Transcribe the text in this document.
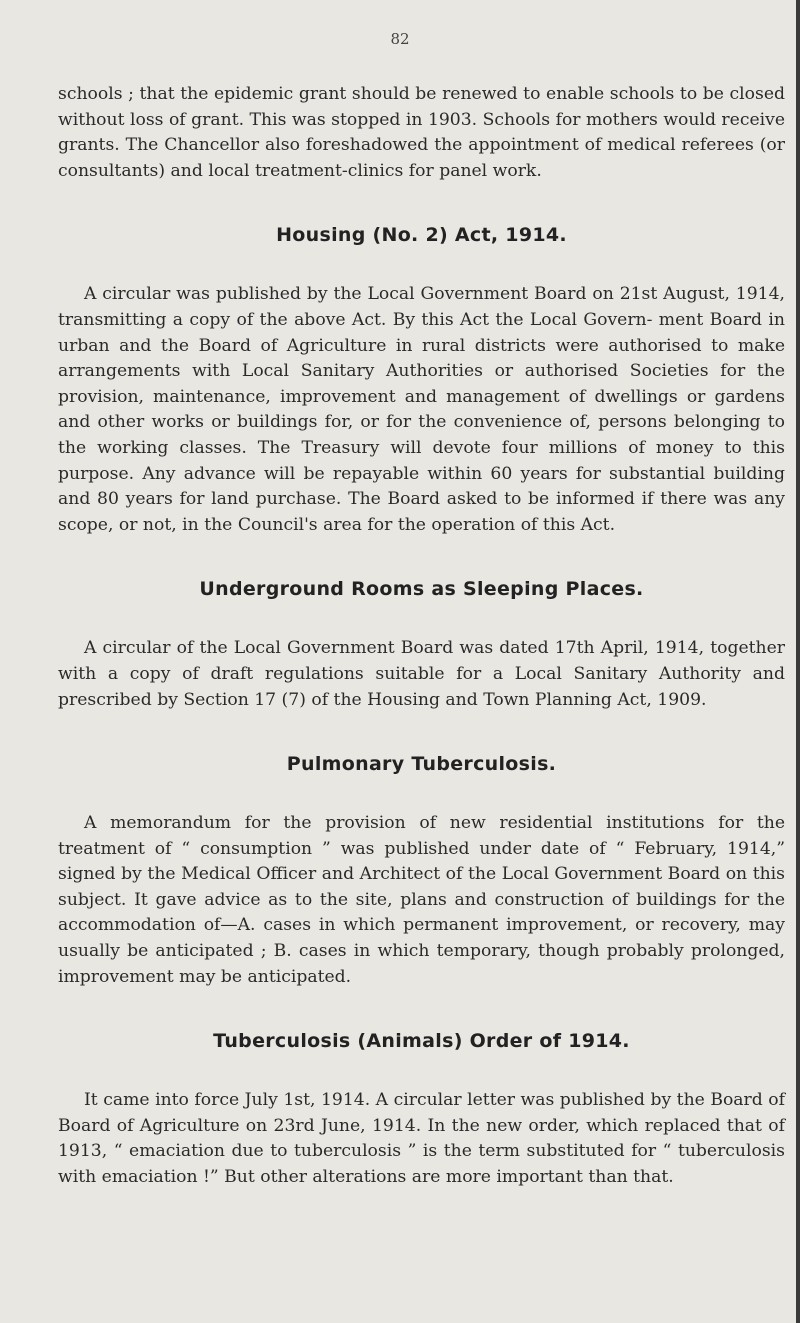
82

schools ; that the epidemic grant should be renewed to enable schools to be closed without loss of grant. This was stopped in 1903. Schools for mothers would receive grants. The Chancellor also foreshadowed the appointment of medical referees (or consultants) and local treatment-clinics for panel work.

Housing (No. 2) Act, 1914.

A circular was published by the Local Government Board on 21st August, 1914, transmitting a copy of the above Act. By this Act the Local Govern- ment Board in urban and the Board of Agriculture in rural districts were authorised to make arrangements with Local Sanitary Authorities or authorised Societies for the provision, maintenance, improvement and management of dwellings or gardens and other works or buildings for, or for the convenience of, persons belonging to the working classes. The Treasury will devote four millions of money to this purpose. Any advance will be repayable within 60 years for substantial building and 80 years for land purchase. The Board asked to be informed if there was any scope, or not, in the Council's area for the operation of this Act.

Underground Rooms as Sleeping Places.

A circular of the Local Government Board was dated 17th April, 1914, together with a copy of draft regulations suitable for a Local Sanitary Authority and prescribed by Section 17 (7) of the Housing and Town Planning Act, 1909.

Pulmonary Tuberculosis.

A memorandum for the provision of new residential institutions for the treatment of “ consumption ” was published under date of “ February, 1914,” signed by the Medical Officer and Architect of the Local Government Board on this subject. It gave advice as to the site, plans and construction of buildings for the accommodation of—A. cases in which permanent improvement, or recovery, may usually be anticipated ; B. cases in which temporary, though probably prolonged, improvement may be anticipated.

Tuberculosis (Animals) Order of 1914.

It came into force July 1st, 1914. A circular letter was published by the Board of Board of Agriculture on 23rd June, 1914. In the new order, which replaced that of 1913, “ emaciation due to tuberculosis ” is the term substituted for “ tuberculosis with emaciation !” But other alterations are more important than that.
